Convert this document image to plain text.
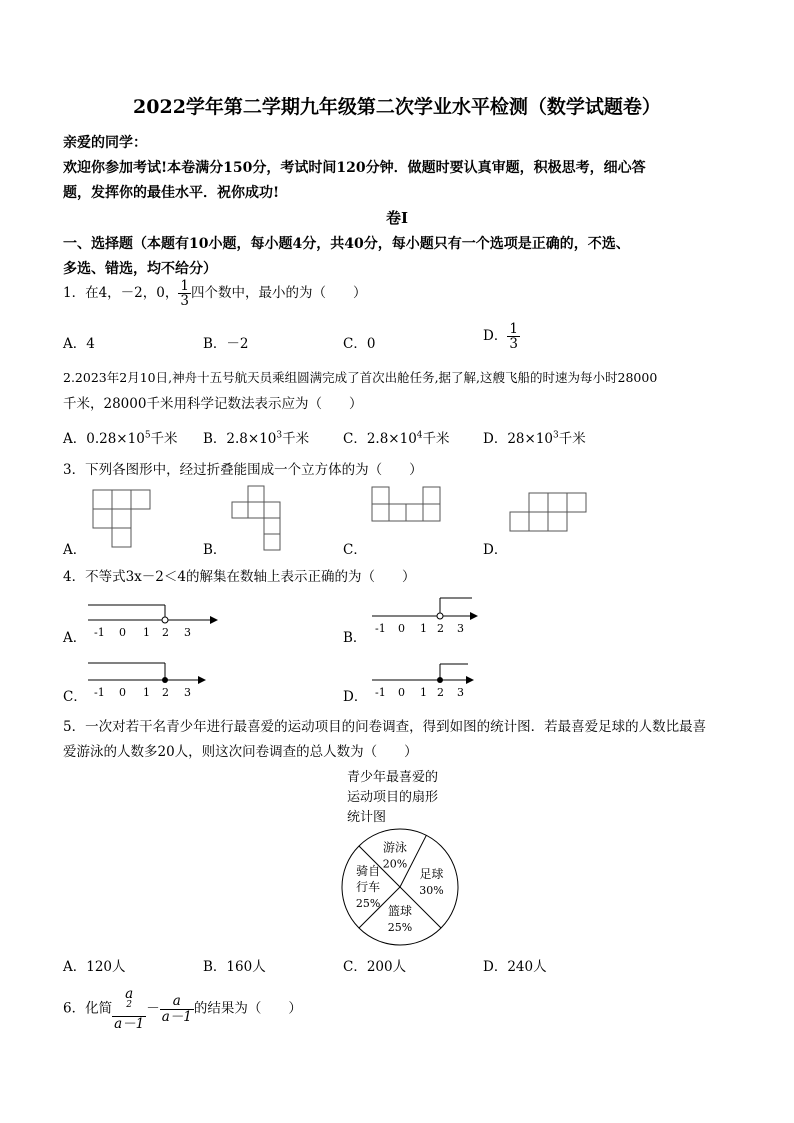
2022学年第二学期九年级第二次学业水平检测（数学试题卷）
亲爱的同学：
欢迎你参加考试!本卷满分150分，考试时间120分钟．做题时要认真审题，积极思考，细心答
题，发挥你的最佳水平．祝你成功!
卷Ⅰ
一、选择题（本题有10小题，每小题4分，共40分，每小题只有一个选项是正确的，不选、
多选、错选，均不给分）
1．在4，－2，0， $\frac{1}{3}$ 四个数中，最小的为（　　）
A．4	B．－2	C．0	D． $\frac{1}{3}$
2.2023年2月10日,神舟十五号航天员乘组圆满完成了首次出舱任务,据了解,这艘飞船的时速为每小时28000
千米，28000千米用科学记数法表示应为（　　）
A．$0.28\times 10^5$千米 B．$2.8\times 10^3$千米	C．$2.8\times 10^4$千米 D．$28\times 10^3$千米
3．下列各图形中，经过折叠能围成一个立方体的为（　　）
A．	B．	C．	D．
4．不等式3x－2＜4的解集在数轴上表示正确的为（　　）
-1 0 1 2 3
A．
-1 0 1 2 3
B．
-1 0 1 2 3
C．	-1 0 1 2 3
D．
5．一次对若干名青少年进行最喜爱的运动项目的问卷调查，得到如图的统计图．若最喜爱足球的人数比最喜
爱游泳的人数多20人，则这次问卷调查的总人数为（　　）
青少年最喜爱的
运动项目的扇形
统计图
游泳
20%
足球
30%
篮球
25%
骑自
行车
25%
A．120人	B．160人	C．200人	D．240人
6．化简 a
$^2$
$a-1 - \frac{a}{a-1}$ 的结果为（　　）
